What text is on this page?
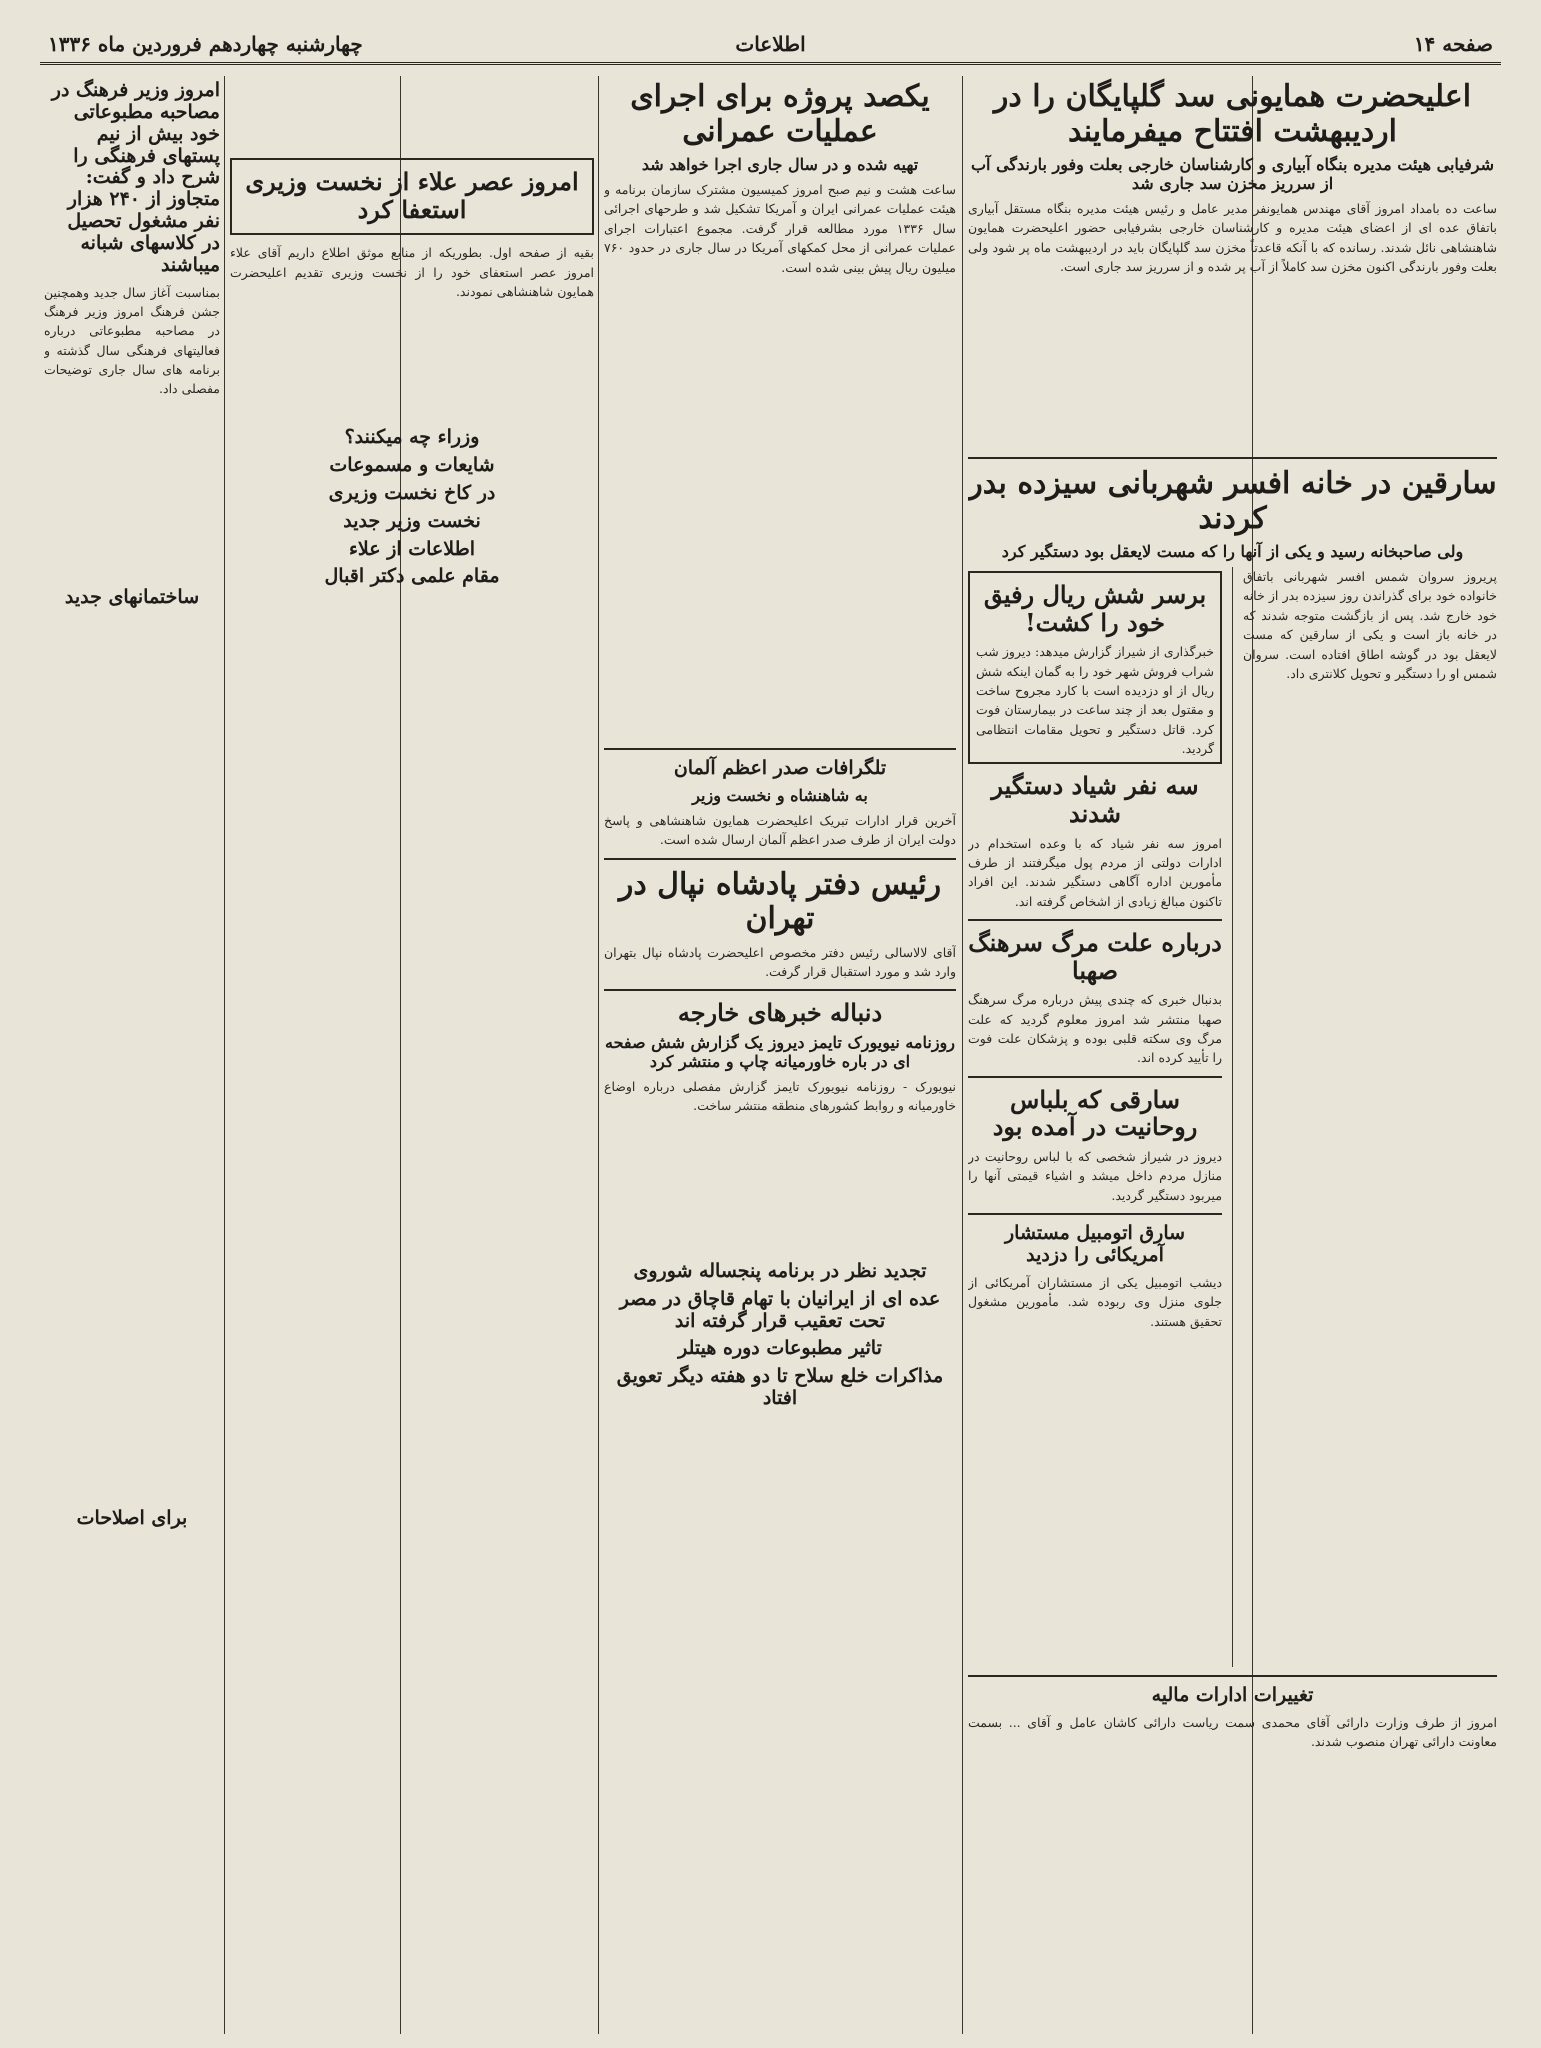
چهارشنبه چهاردهم فروردین ماه ۱۳۳۶	اطلاعات	صفحه ۱۴
اعلیحضرت همایونی سد گلپایگان را در اردیبهشت افتتاح میفرمایند
شرفیابی هیئت مدیره بنگاه آبیاری و کارشناسان خارجی بعلت وفور بارندگی آب از سرریز مخزن سد جاری شد
ساعت ده بامداد امروز آقای مهندس همایونفر مدیر عامل و رئیس هیئت مدیره بنگاه مستقل آبیاری باتفاق عده ای از اعضای هیئت مدیره و کارشناسان خارجی بشرفیابی حضور اعلیحضرت همایون شاهنشاهی نائل شدند. رسانده که با آنکه قاعدتاً مخزن سد گلپایگان باید در اردیبهشت ماه پر شود ولی بعلت وفور بارندگی اکنون مخزن سد کاملاً از آب پر شده و از سرریز سد جاری است.
سارقین در خانه افسر شهربانی سیزده بدر کردند
ولی صاحبخانه رسید و یکی از آنها را که مست لایعقل بود دستگیر کرد
پریروز سروان شمس افسر شهربانی باتفاق خانواده خود برای گذراندن روز سیزده بدر از خانه خود خارج شد. پس از بازگشت متوجه شدند که در خانه باز است و یکی از سارقین که مست لایعقل بود در گوشه اطاق افتاده است. سروان شمس او را دستگیر و تحویل کلانتری داد.
برسر شش ریال رفیق خود را کشت!
خبرگذاری از شیراز گزارش میدهد: دیروز شب شراب فروش شهر خود را به گمان اینکه شش ریال از او دزدیده است با کارد مجروح ساخت و مقتول بعد از چند ساعت در بیمارستان فوت کرد. قاتل دستگیر و تحویل مقامات انتظامی گردید.
سه نفر شیاد دستگیر شدند
امروز سه نفر شیاد که با وعده استخدام در ادارات دولتی از مردم پول میگرفتند از طرف مأمورین اداره آگاهی دستگیر شدند. این افراد تاکنون مبالغ زیادی از اشخاص گرفته اند.
درباره علت مرگ سرهنگ صهبا
بدنبال خبری که چندی پیش درباره مرگ سرهنگ صهبا منتشر شد امروز معلوم گردید که علت مرگ وی سکته قلبی بوده و پزشکان علت فوت را تأیید کرده اند.
سارقی که بلباس روحانیت در آمده بود
دیروز در شیراز شخصی که با لباس روحانیت در منازل مردم داخل میشد و اشیاء قیمتی آنها را میربود دستگیر گردید.
سارق اتومبیل مستشار آمریکائی را دزدید
دیشب اتومبیل یکی از مستشاران آمریکائی از جلوی منزل وی ربوده شد. مأمورین مشغول تحقیق هستند.
تغییرات ادارات مالیه
امروز از طرف وزارت دارائی آقای محمدی سمت ریاست دارائی کاشان عامل و آقای ... بسمت معاونت دارائی تهران منصوب شدند.
یکصد پروژه برای اجرای عملیات عمرانی
تهیه شده و در سال جاری اجرا خواهد شد
ساعت هشت و نیم صبح امروز کمیسیون مشترک سازمان برنامه و هیئت عملیات عمرانی ایران و آمریکا تشکیل شد و طرحهای اجرائی سال ۱۳۳۶ مورد مطالعه قرار گرفت. مجموع اعتبارات اجرای عملیات عمرانی از محل کمکهای آمریکا در سال جاری در حدود ۷۶۰ میلیون ریال پیش بینی شده است.
تلگرافات صدر اعظم آلمان
به شاهنشاه و نخست وزیر
آخرین قرار ادارات تبریک اعلیحضرت همایون شاهنشاهی و پاسخ دولت ایران از طرف صدر اعظم آلمان ارسال شده است.
رئیس دفتر پادشاه نپال در تهران
آقای لالاسالی رئیس دفتر مخصوص اعلیحضرت پادشاه نپال بتهران وارد شد و مورد استقبال قرار گرفت.
دنباله خبرهای خارجه
روزنامه نیویورک تایمز دیروز یک گزارش شش صفحه ای در باره خاورمیانه چاپ و منتشر کرد
نیویورک - روزنامه نیویورک تایمز گزارش مفصلی درباره اوضاع خاورمیانه و روابط کشورهای منطقه منتشر ساخت.
تجدید نظر در برنامه پنجساله شوروی
عده ای از ایرانیان با تهام قاچاق در مصر تحت تعقیب قرار گرفته اند
تاثیر مطبوعات دوره هیتلر
مذاکرات خلع سلاح تا دو هفته دیگر تعویق افتاد
امروز عصر علاء از نخست وزیری استعفا کرد
بقیه از صفحه اول. بطوریکه از منابع موثق اطلاع داریم آقای علاء امروز عصر استعفای خود را از نخست وزیری تقدیم اعلیحضرت همایون شاهنشاهی نمودند.
وزراء چه میکنند؟
شایعات و مسموعات
در کاخ نخست وزیری
نخست وزیر جدید
اطلاعات از علاء
مقام علمی دکتر اقبال
امروز وزیر فرهنگ در مصاحبه مطبوعاتی خود بیش از نیم پستهای فرهنگی را شرح داد و گفت: متجاوز از ۲۴۰ هزار نفر مشغول تحصیل در کلاسهای شبانه میباشند
بمناسبت آغاز سال جدید وهمچنین جشن فرهنگ امروز وزیر فرهنگ در مصاحبه مطبوعاتی درباره فعالیتهای فرهنگی سال گذشته و برنامه های سال جاری توضیحات مفصلی داد.
ساختمانهای جدید
برای اصلاحات
